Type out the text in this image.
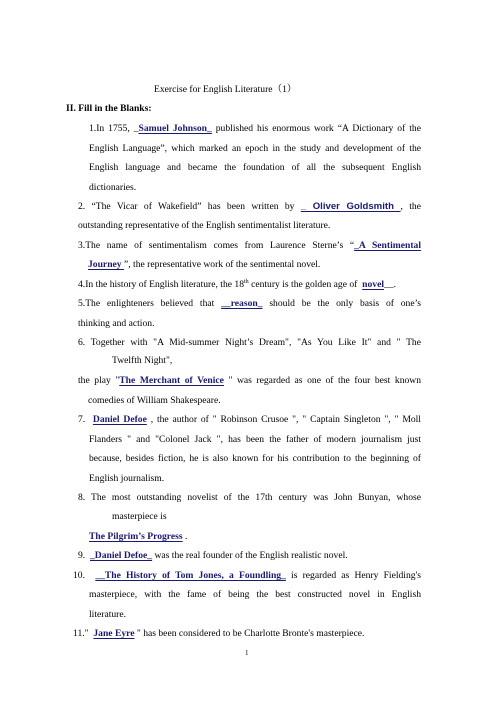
Exercise for English Literature（1）
II. Fill in the Blanks:
1.In 1755, _Samuel Johnson_ published his enormous work “A Dictionary of the
English Language”, which marked an epoch in the study and development of the
English language and became the foundation of all the subsequent English
dictionaries.
2. “The Vicar of Wakefield” has been written by _ Oliver Goldsmith , the
outstanding representative of the English sentimentalist literature.
3.The name of sentimentalism comes from Laurence Sterne’s “_A Sentimental
Journey ”, the representative work of the sentimental novel.
4.In the history of English literature, the 18th century is the golden age of novel__.
5.The enlighteners believed that __reason_ should be the only basis of one’s
thinking and action.
6. Together with "A Mid-summer Night’s Dream", "As You Like It" and " The
Twelfth Night",
the play "The Merchant of Venice " was regarded as one of the four best known
comedies of William Shakespeare.
7. Daniel Defoe , the author of " Robinson Crusoe ", " Captain Singleton ", " Moll
Flanders " and "Colonel Jack ", has been the father of modern journalism just
because, besides fiction, he is also known for his contribution to the beginning of
English journalism.
8. The most outstanding novelist of the 17th century was John Bunyan, whose
masterpiece is
The Pilgrim’s Progress .
9. _Daniel Defoe_ was the real founder of the English realistic novel.
10. __The History of Tom Jones, a Foundling_ is regarded as Henry Fielding's
masterpiece, with the fame of being the best constructed novel in English
literature.
11." Jane Eyre " has been considered to be Charlotte Bronte's masterpiece.
1
